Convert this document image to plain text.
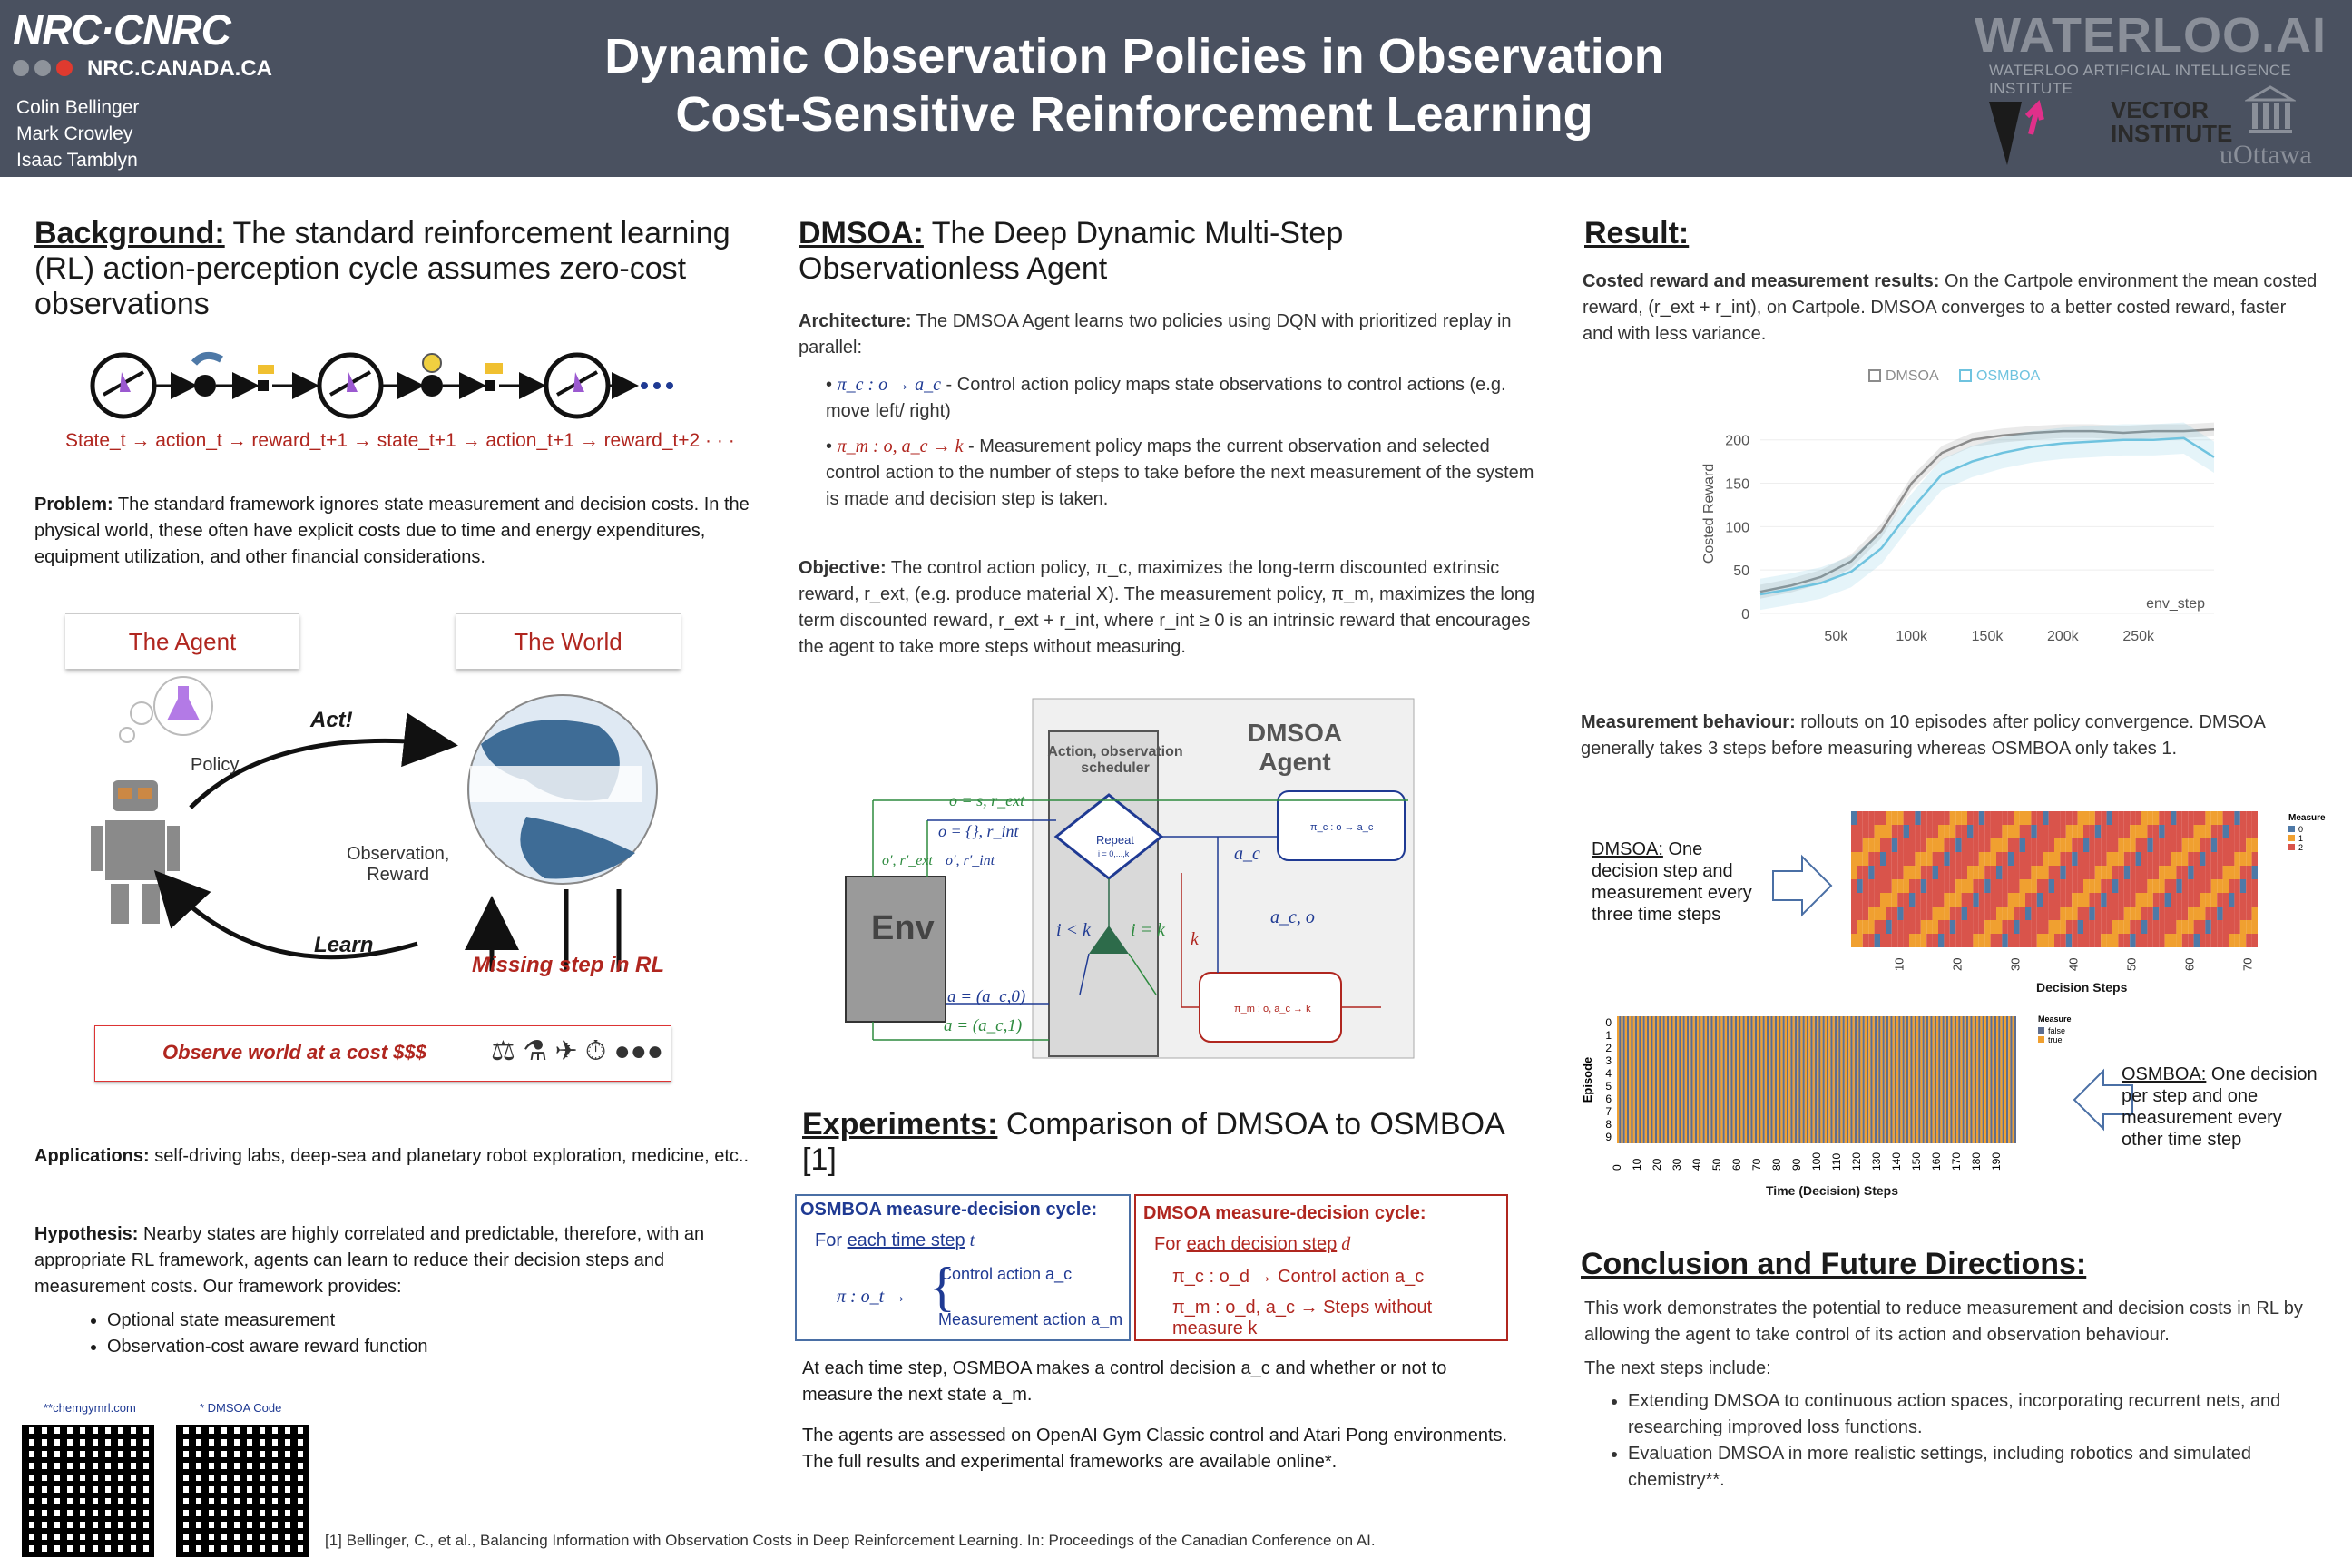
NRC·CNRC
NRC.CANADA.CA
Colin Bellinger
Mark Crowley
Isaac Tamblyn
Dynamic Observation Policies in Observation
Cost-Sensitive Reinforcement Learning
WATERLOO.AI
WATERLOO ARTIFICIAL INTELLIGENCE INSTITUTE
VECTOR
INSTITUTE
uOttawa
Background: The standard reinforcement learning (RL) action-perception cycle assumes zero-cost observations
State_t → action_t → reward_t+1 → state_t+1 → action_t+1 → reward_t+2 · · ·
Problem: The standard framework ignores state measurement and decision costs. In the physical world, these often have explicit costs due to time and energy expenditures, equipment utilization, and other financial considerations.
The Agent	The World
Act!
Policy
Observation,
Reward
Learn
Missing step in RL
Observe world at a cost $$$ ⚖ ⚗ ✈ ⏱ ●●●
Applications: self-driving labs, deep-sea and planetary robot exploration, medicine, etc..
Hypothesis: Nearby states are highly correlated and predictable, therefore, with an appropriate RL framework, agents can learn to reduce their decision steps and measurement costs. Our framework provides:
• Optional state measurement
• Observation-cost aware reward function
**chemgymrl.com	* DMSOA Code
DMSOA: The Deep Dynamic Multi-Step Observationless Agent
Architecture: The DMSOA Agent learns two policies using DQN with prioritized replay in parallel:
• π_c : o → a_c - Control action policy maps state observations to control actions (e.g. move left/ right)
• π_m : o, a_c → k - Measurement policy maps the current observation and selected control action to the number of steps to take before the next measurement of the system is made and decision step is taken.
Objective: The control action policy, π_c, maximizes the long-term discounted extrinsic reward, r_ext, (e.g. produce material X). The measurement policy, π_m, maximizes the long term discounted reward, r_ext + r_int, where r_int ≥ 0 is an intrinsic reward that encourages the agent to take more steps without measuring.
DMSOA
Agent
Action, observation
scheduler
Env
Repeat
i = 0,...,k
o = s, r_ext
o = {}, r_int
o′, r′_ext o′, r′_int
i < k i = k
a_c
a_c, o
k
π_c : o → a_c
π_m : o, a_c → k
a = (a_c,0)
a = (a_c,1)
Experiments: Comparison of DMSOA to OSMBOA [1]
OSMBOA measure-decision cycle:
For each time step t
π : o_t → {
Control action a_c
Measurement action a_m
DMSOA measure-decision cycle:
For each decision step d
π_c : o_d → Control action a_c
π_m : o_d, a_c → Steps without measure k
At each time step, OSMBOA makes a control decision a_c and whether or not to measure the next state a_m.
The agents are assessed on OpenAI Gym Classic control and Atari Pong environments. The full results and experimental frameworks are available online*.
[1] Bellinger, C., et al., Balancing Information with Observation Costs in Deep Reinforcement Learning. In: Proceedings of the Canadian Conference on AI.
Result:
Costed reward and measurement results: On the Cartpole environment the mean costed reward, (r_ext + r_int), on Cartpole. DMSOA converges to a better costed reward, faster and with less variance.
DMSOA	OSMBOA
0
50
100
150
200
50k	100k	150k	200k	250k
env_step
Costed Reward
Measurement behaviour: rollouts on 10 episodes after policy convergence. DMSOA generally takes 3 steps before measuring whereas OSMBOA only takes 1.
DMSOA: One decision step and measurement every three time steps
10	20	30	40	50	60	70
Measure
0
1
2
Decision Steps
0
1
2
3
4
5
6
7
8
9
Episode
0 10 20 30 40 50 60 70 80 90 100 110 120 130 140 150 160 170 180 190
Measure
false
true
Time (Decision) Steps
OSMBOA: One decision per step and one measurement every other time step
Conclusion and Future Directions:
This work demonstrates the potential to reduce measurement and decision costs in RL by allowing the agent to take control of its action and observation behaviour.
The next steps include:
• Extending DMSOA to continuous action spaces, incorporating recurrent nets, and researching improved loss functions.
• Evaluation DMSOA in more realistic settings, including robotics and simulated chemistry**.
